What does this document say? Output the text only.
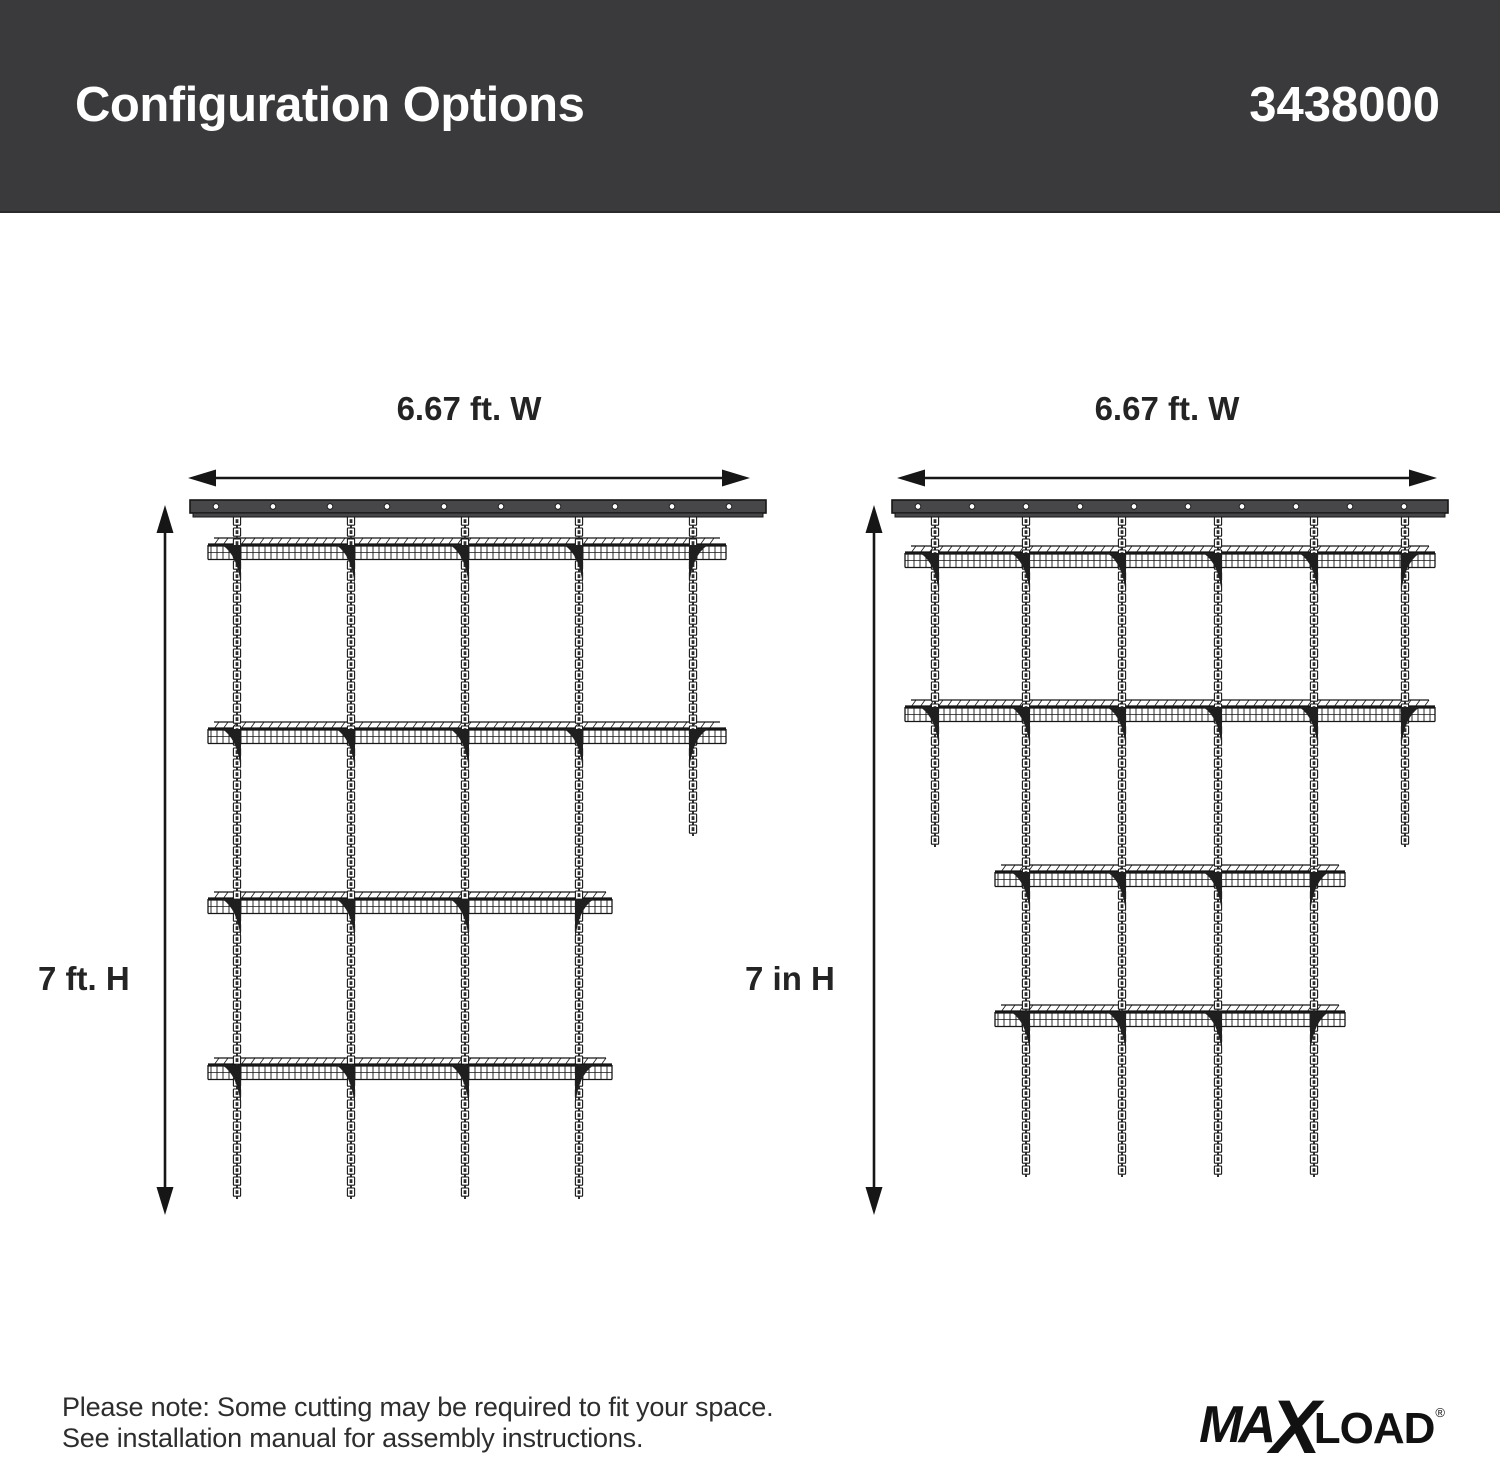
Configuration Options	3438000
6.67 ft. W	6.67 ft. W
7 ft. H	7 in H
Please note: Some cutting may be required to fit your space.
See installation manual for assembly instructions.	MA
X
LOAD ®
